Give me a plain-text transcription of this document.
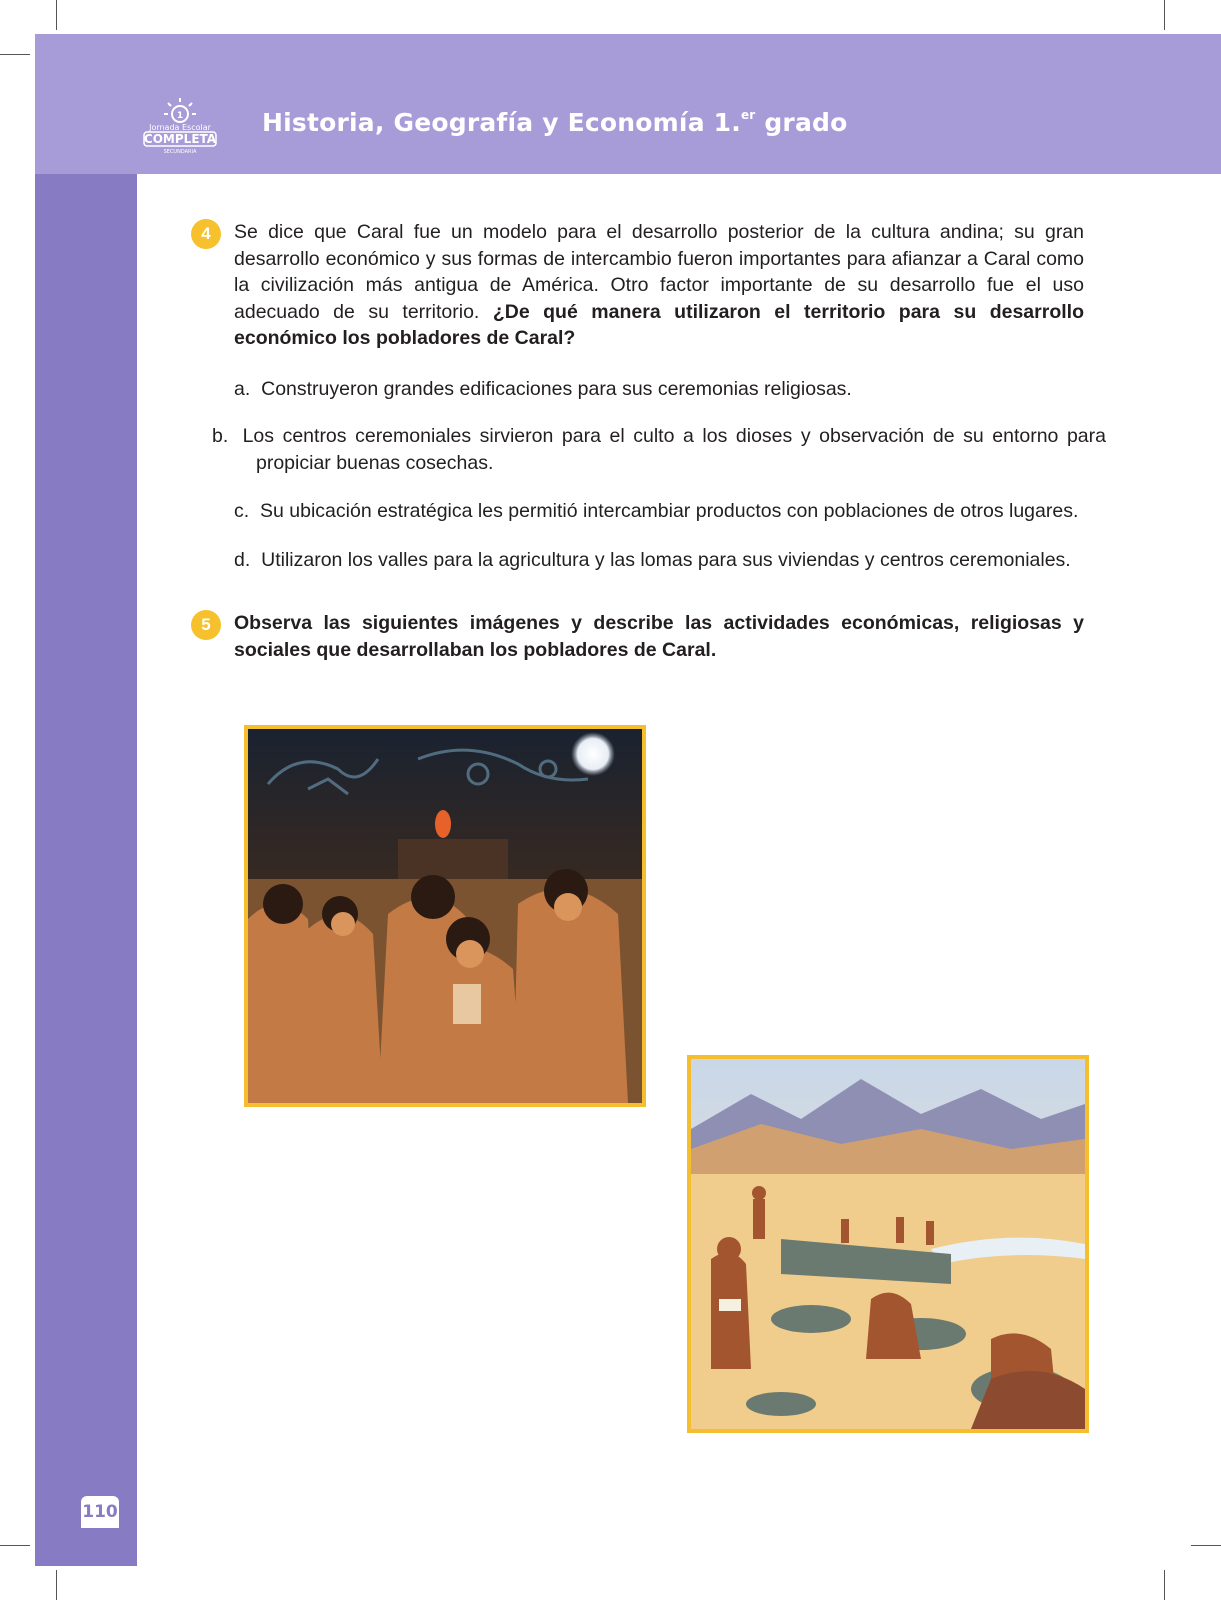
1
Jornada Escolar
COMPLETA
SECUNDARIA
Historia, Geografía y Economía 1.$^{er}$ grado
110
4	Se dice que Caral fue un modelo para el desarrollo posterior de la cultura andina; su gran desarrollo económico y sus formas de intercambio fueron importantes para afianzar a Caral como la civilización más antigua de América. Otro factor importante de su desarrollo fue el uso adecuado de su territorio. ¿De qué manera utilizaron el territorio para su desarrollo económico los pobladores de Caral?
a. Construyeron grandes edificaciones para sus ceremonias religiosas.
b. Los centros ceremoniales sirvieron para el culto a los dioses y observación de su entorno para propiciar buenas cosechas.
c. Su ubicación estratégica les permitió intercambiar productos con poblaciones de otros lugares.
d. Utilizaron los valles para la agricultura y las lomas para sus viviendas y centros ceremoniales.
5	Observa las siguientes imágenes y describe las actividades económicas, religiosas y sociales que desarrollaban los pobladores de Caral.
